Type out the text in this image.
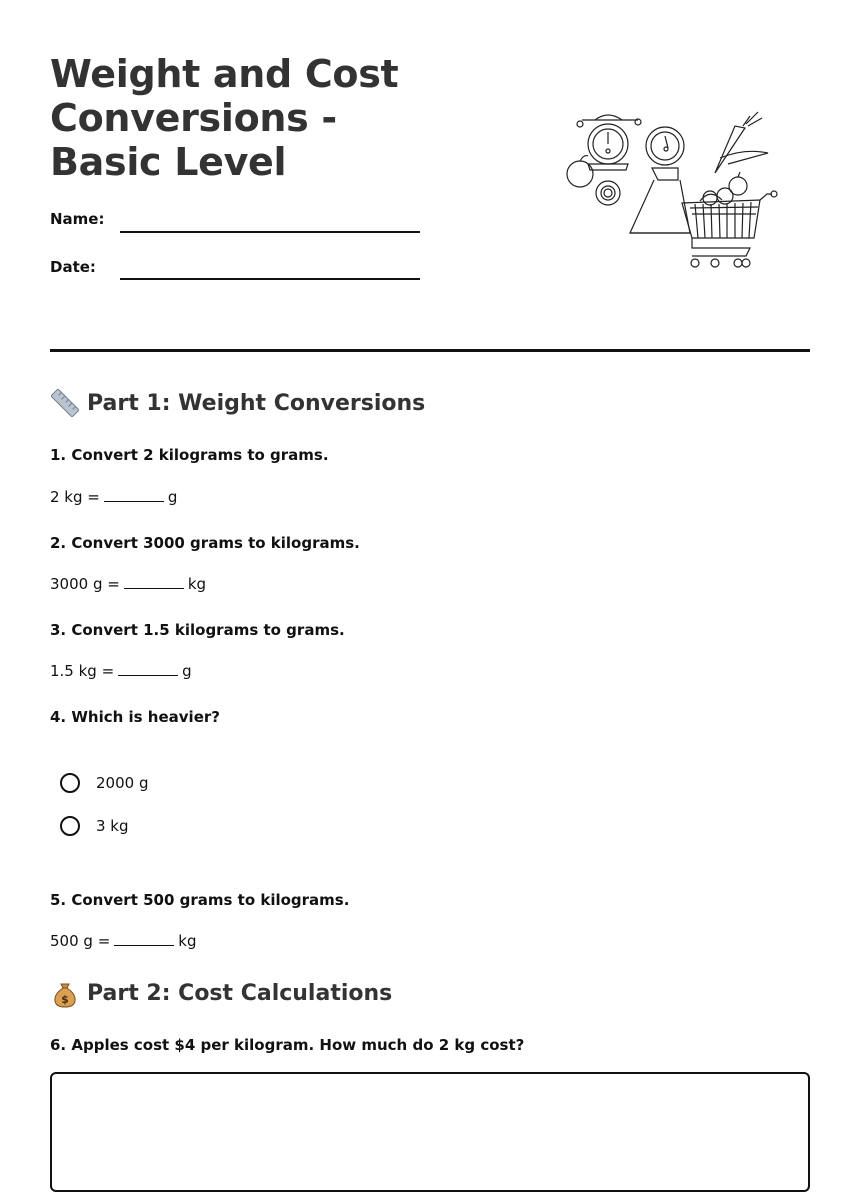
Weight and Cost Conversions - Basic Level
Name:
Date:
Part 1: Weight Conversions
1. Convert 2 kilograms to grams.
2 kg =	g
2. Convert 3000 grams to kilograms.
3000 g =	kg
3. Convert 1.5 kilograms to grams.
1.5 kg =	g
4. Which is heavier?
2000 g
3 kg
5. Convert 500 grams to kilograms.
500 g =	kg
$ Part 2: Cost Calculations
6. Apples cost $4 per kilogram. How much do 2 kg cost?
